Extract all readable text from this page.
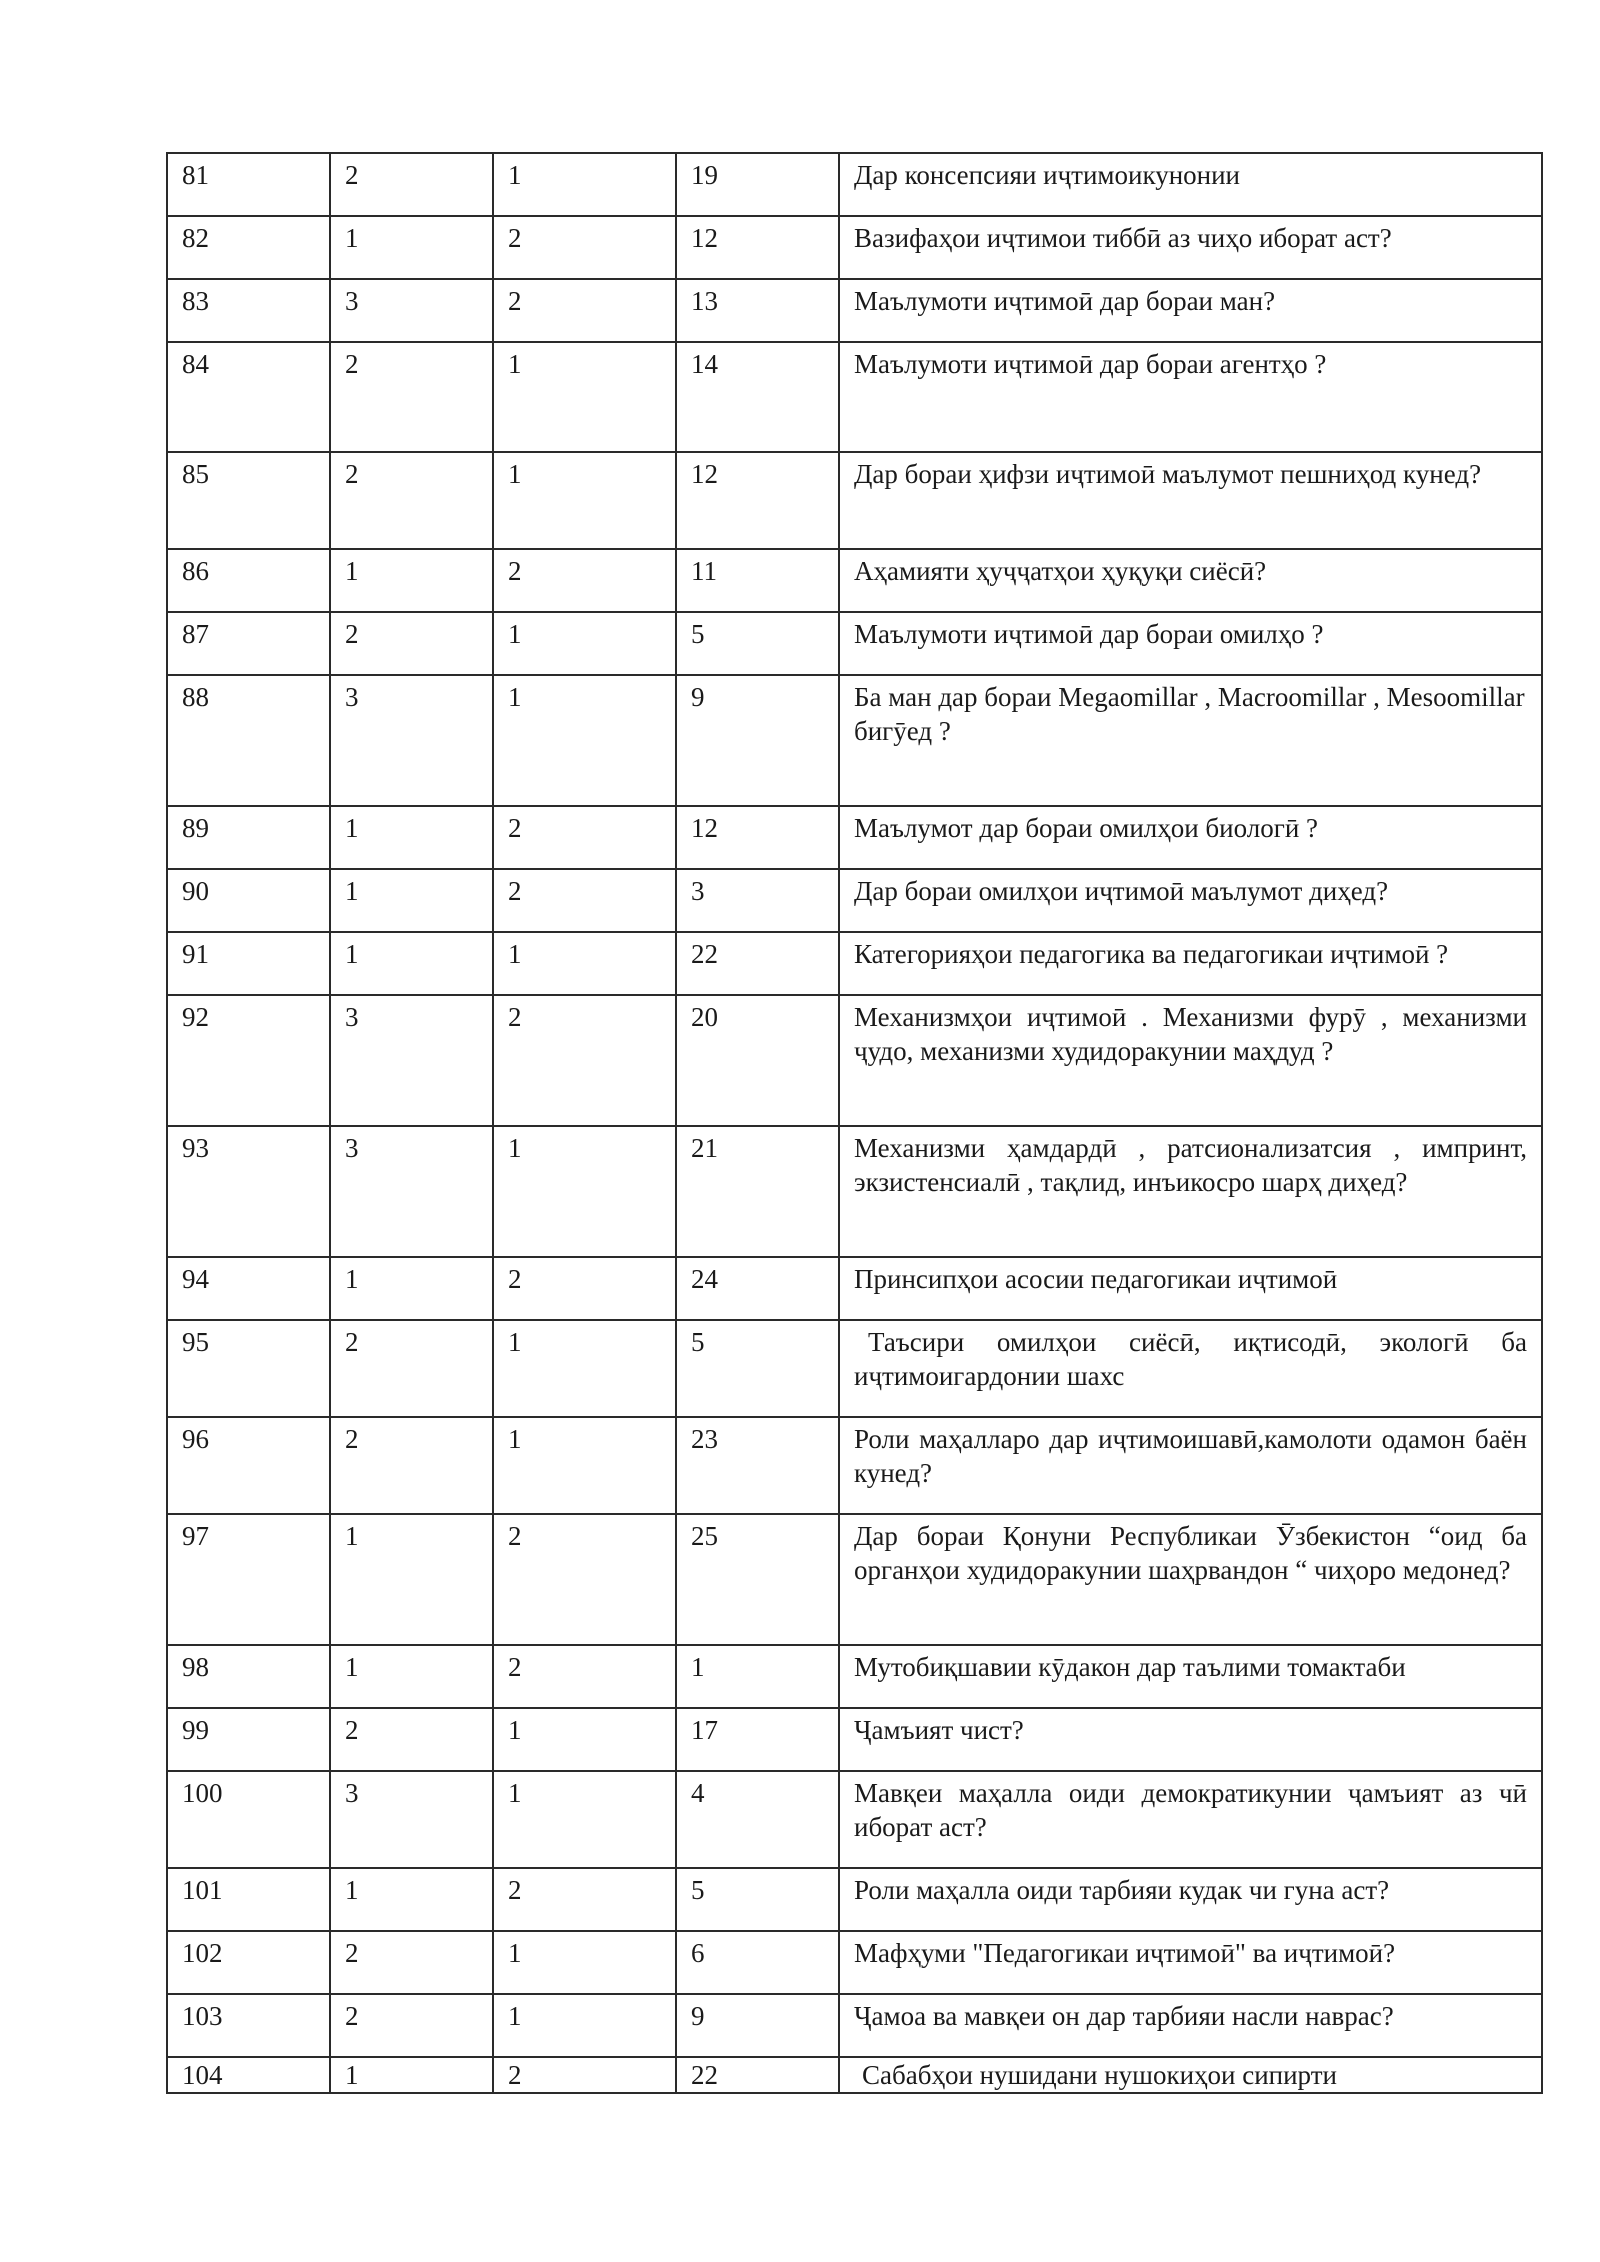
81	2	1	19	Дар консепсияи иҷтимоикунонии
82	1	2	12	Вазифаҳои иҷтимои тиббӣ аз чиҳо иборат аст?
83	3	2	13	Маълумоти иҷтимоӣ дар бораи ман?
84	2	1	14	Маълумоти иҷтимоӣ дар бораи агентҳо ?
85	2	1	12	Дар бораи ҳифзи иҷтимоӣ маълумот пешниҳод кунед?
86	1	2	11	Аҳамияти ҳуҷҷатҳои ҳуқуқи сиёсӣ?
87	2	1	5	Маълумоти иҷтимоӣ дар бораи омилҳо ?
88	3	1	9	Ба ман дар бораи Megaomillar , Macroomillar , Mesoomillar бигӯед ?
89	1	2	12	Маълумот дар бораи омилҳои биологӣ ?
90	1	2	3	Дар бораи омилҳои иҷтимоӣ маълумот диҳед?
91	1	1	22	Категорияҳои педагогика ва педагогикаи иҷтимоӣ ?
92	3	2	20	Механизмҳои иҷтимоӣ . Механизми фурӯ , механизми ҷудо, механизми худидоракунии маҳдуд ?
93	3	1	21	Механизми ҳамдардӣ , ратсионализатсия , импринт, экзистенсиалӣ , тақлид, инъикосро шарҳ диҳед?
94	1	2	24	Принсипҳои асосии педагогикаи иҷтимоӣ
95	2	1	5	Таъсири омилҳои сиёсӣ, иқтисодӣ, экологӣ ба иҷтимоигардонии шахс
96	2	1	23	Роли маҳалларо дар иҷтимоишавӣ,камолоти одамон баён кунед?
97	1	2	25	Дар бораи Қонуни Республикаи Ӯзбекистон “оид ба органҳои худидоракунии шаҳрвандон “ чиҳоро медонед?
98	1	2	1	Мутобиқшавии кӯдакон дар таълими томактаби
99	2	1	17	Ҷамъият чист?
100	3	1	4	Мавқеи маҳалла оиди демократикунии ҷамъият аз чӣ иборат аст?
101	1	2	5	Роли маҳалла оиди тарбияи кудак чи гуна аст?
102	2	1	6	Мафҳуми "Педагогикаи иҷтимоӣ" ва иҷтимоӣ?
103	2	1	9	Ҷамоа ва мавқеи он дар тарбияи насли наврас?
104	1	2	22	Сабабҳои нушидани нушокиҳои сипирти
